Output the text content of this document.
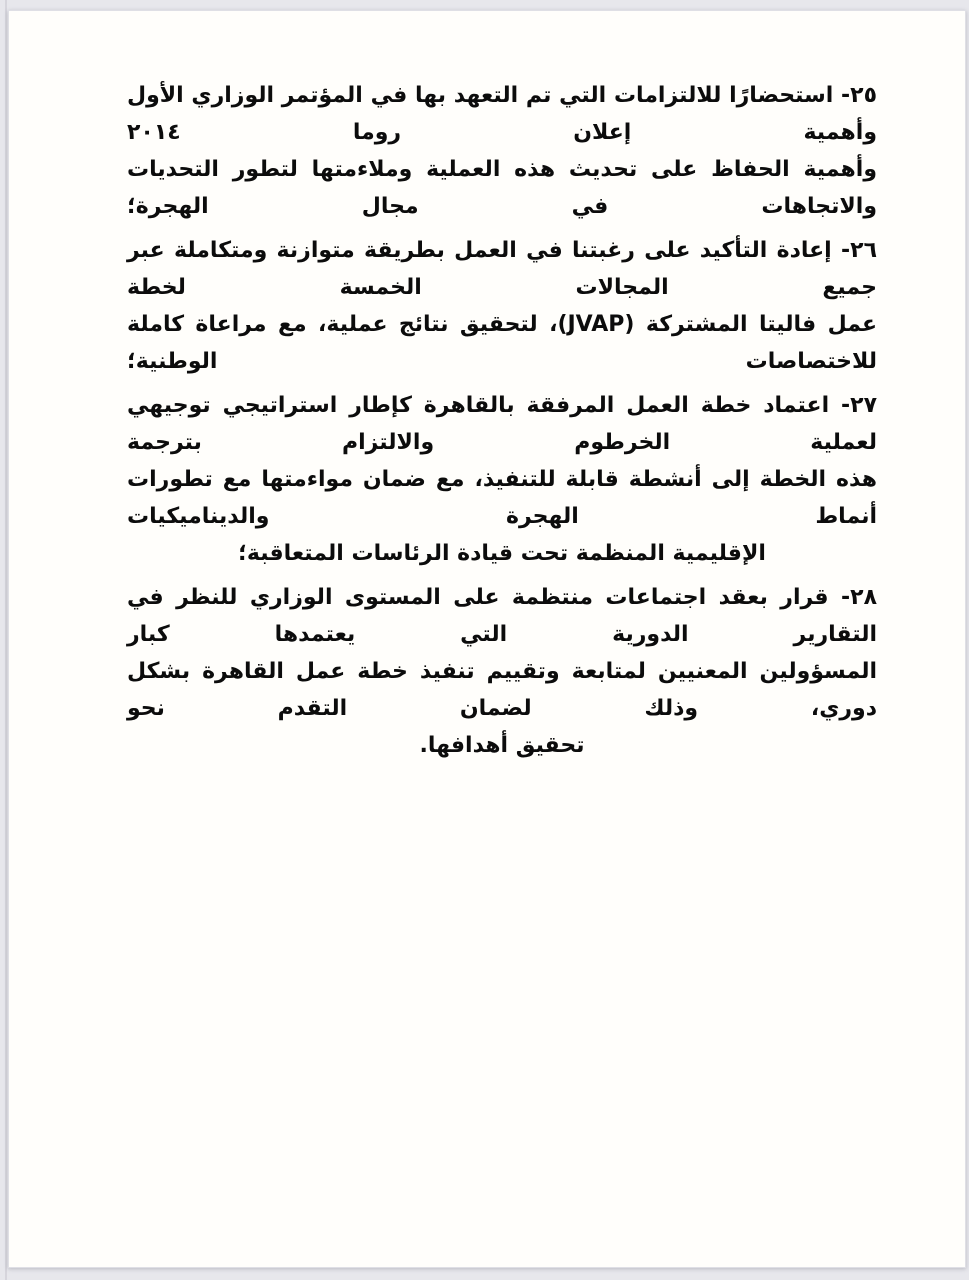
٢٥- استحضارًا للالتزامات التي تم التعهد بها في المؤتمر الوزاري الأول وأهمية إعلان روما ٢٠١٤
وأهمية الحفاظ على تحديث هذه العملية وملاءمتها لتطور التحديات والاتجاهات في مجال الهجرة؛
٢٦- إعادة التأكيد على رغبتنا في العمل بطريقة متوازنة ومتكاملة عبر جميع المجالات الخمسة لخطة
عمل فاليتا المشتركة (JVAP)، لتحقيق نتائج عملية، مع مراعاة كاملة للاختصاصات الوطنية؛
٢٧- اعتماد خطة العمل المرفقة بالقاهرة كإطار استراتيجي توجيهي لعملية الخرطوم والالتزام بترجمة
هذه الخطة إلى أنشطة قابلة للتنفيذ، مع ضمان مواءمتها مع تطورات أنماط الهجرة والديناميكيات
الإقليمية المنظمة تحت قيادة الرئاسات المتعاقبة؛
٢٨- قرار بعقد اجتماعات منتظمة على المستوى الوزاري للنظر في التقارير الدورية التي يعتمدها كبار
المسؤولين المعنيين لمتابعة وتقييم تنفيذ خطة عمل القاهرة بشكل دوري، وذلك لضمان التقدم نحو
تحقيق أهدافها.
